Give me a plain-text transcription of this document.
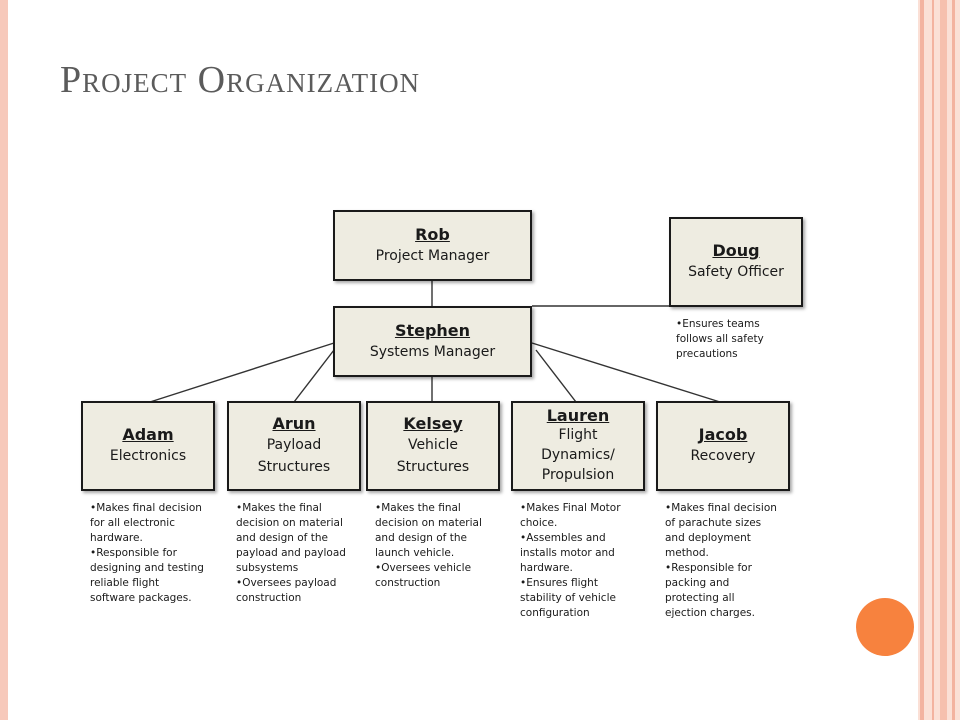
Project Organization
Rob
Project Manager	Doug
Safety Officer
•Ensures teams
follows all safety
precautions
Stephen
Systems Manager
Adam
Electronics
•Makes final decision
for all electronic
hardware.
•Responsible for
designing and testing
reliable flight
software packages.
Arun
Payload
Structures
•Makes the final
decision on material
and design of the
payload and payload
subsystems
•Oversees payload
construction
Kelsey
Vehicle
Structures
•Makes the final
decision on material
and design of the
launch vehicle.
•Oversees vehicle
construction
Lauren
Flight
Dynamics/
Propulsion
•Makes Final Motor
choice.
•Assembles and
installs motor and
hardware.
•Ensures flight
stability of vehicle
configuration
Jacob
Recovery
•Makes final decision
of parachute sizes
and deployment
method.
•Responsible for
packing and
protecting all
ejection charges.
